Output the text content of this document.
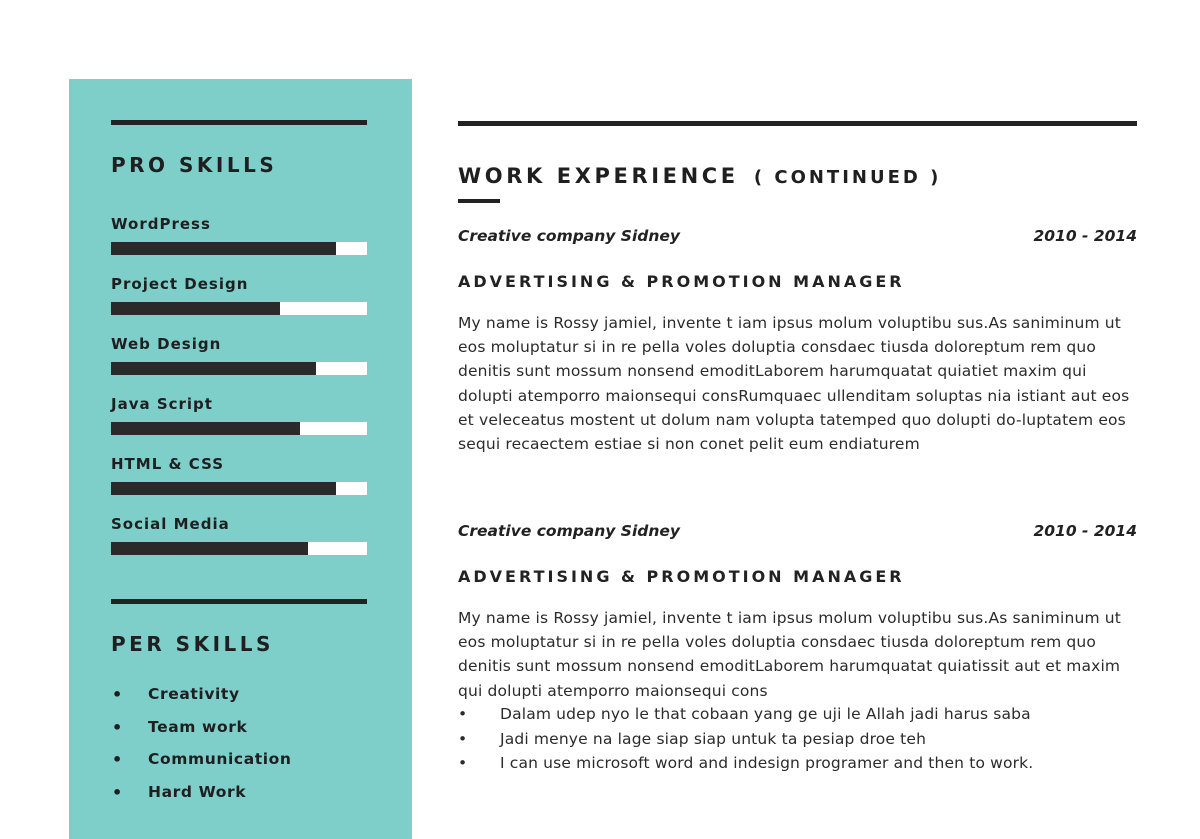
PRO SKILLS
WordPress
Project Design
Web Design
Java Script
HTML & CSS
Social Media
PER SKILLS
• Creativity
• Team work
• Communication
• Hard Work
WORK EXPERIENCE ( CONTINUED )
Creative company Sidney	2010 - 2014
ADVERTISING & PROMOTION MANAGER

My name is Rossy jamiel, invente t iam ipsus molum voluptibu sus.As saniminum ut eos moluptatur si in re pella voles doluptia consdaec tiusda doloreptum rem quo denitis sunt mossum nonsend emoditLaborem harumquatat quiatiet maxim qui dolupti atemporro maionsequi consRumquaec ullenditam soluptas nia istiant aut eos et veleceatus mostent ut dolum nam volupta tatemped quo dolupti do-luptatem eos sequi recaectem estiae si non conet pelit eum endiaturem

Creative company Sidney	2010 - 2014
ADVERTISING & PROMOTION MANAGER

My name is Rossy jamiel, invente t iam ipsus molum voluptibu sus.As saniminum ut eos moluptatur si in re pella voles doluptia consdaec tiusda doloreptum rem quo denitis sunt mossum nonsend emoditLaborem harumquatat quiatissit aut et maxim qui dolupti atemporro maionsequi cons

• Dalam udep nyo le that cobaan yang ge uji le Allah jadi harus saba
• Jadi menye na lage siap siap untuk ta pesiap droe teh
• I can use microsoft word and indesign programer and then to work.
